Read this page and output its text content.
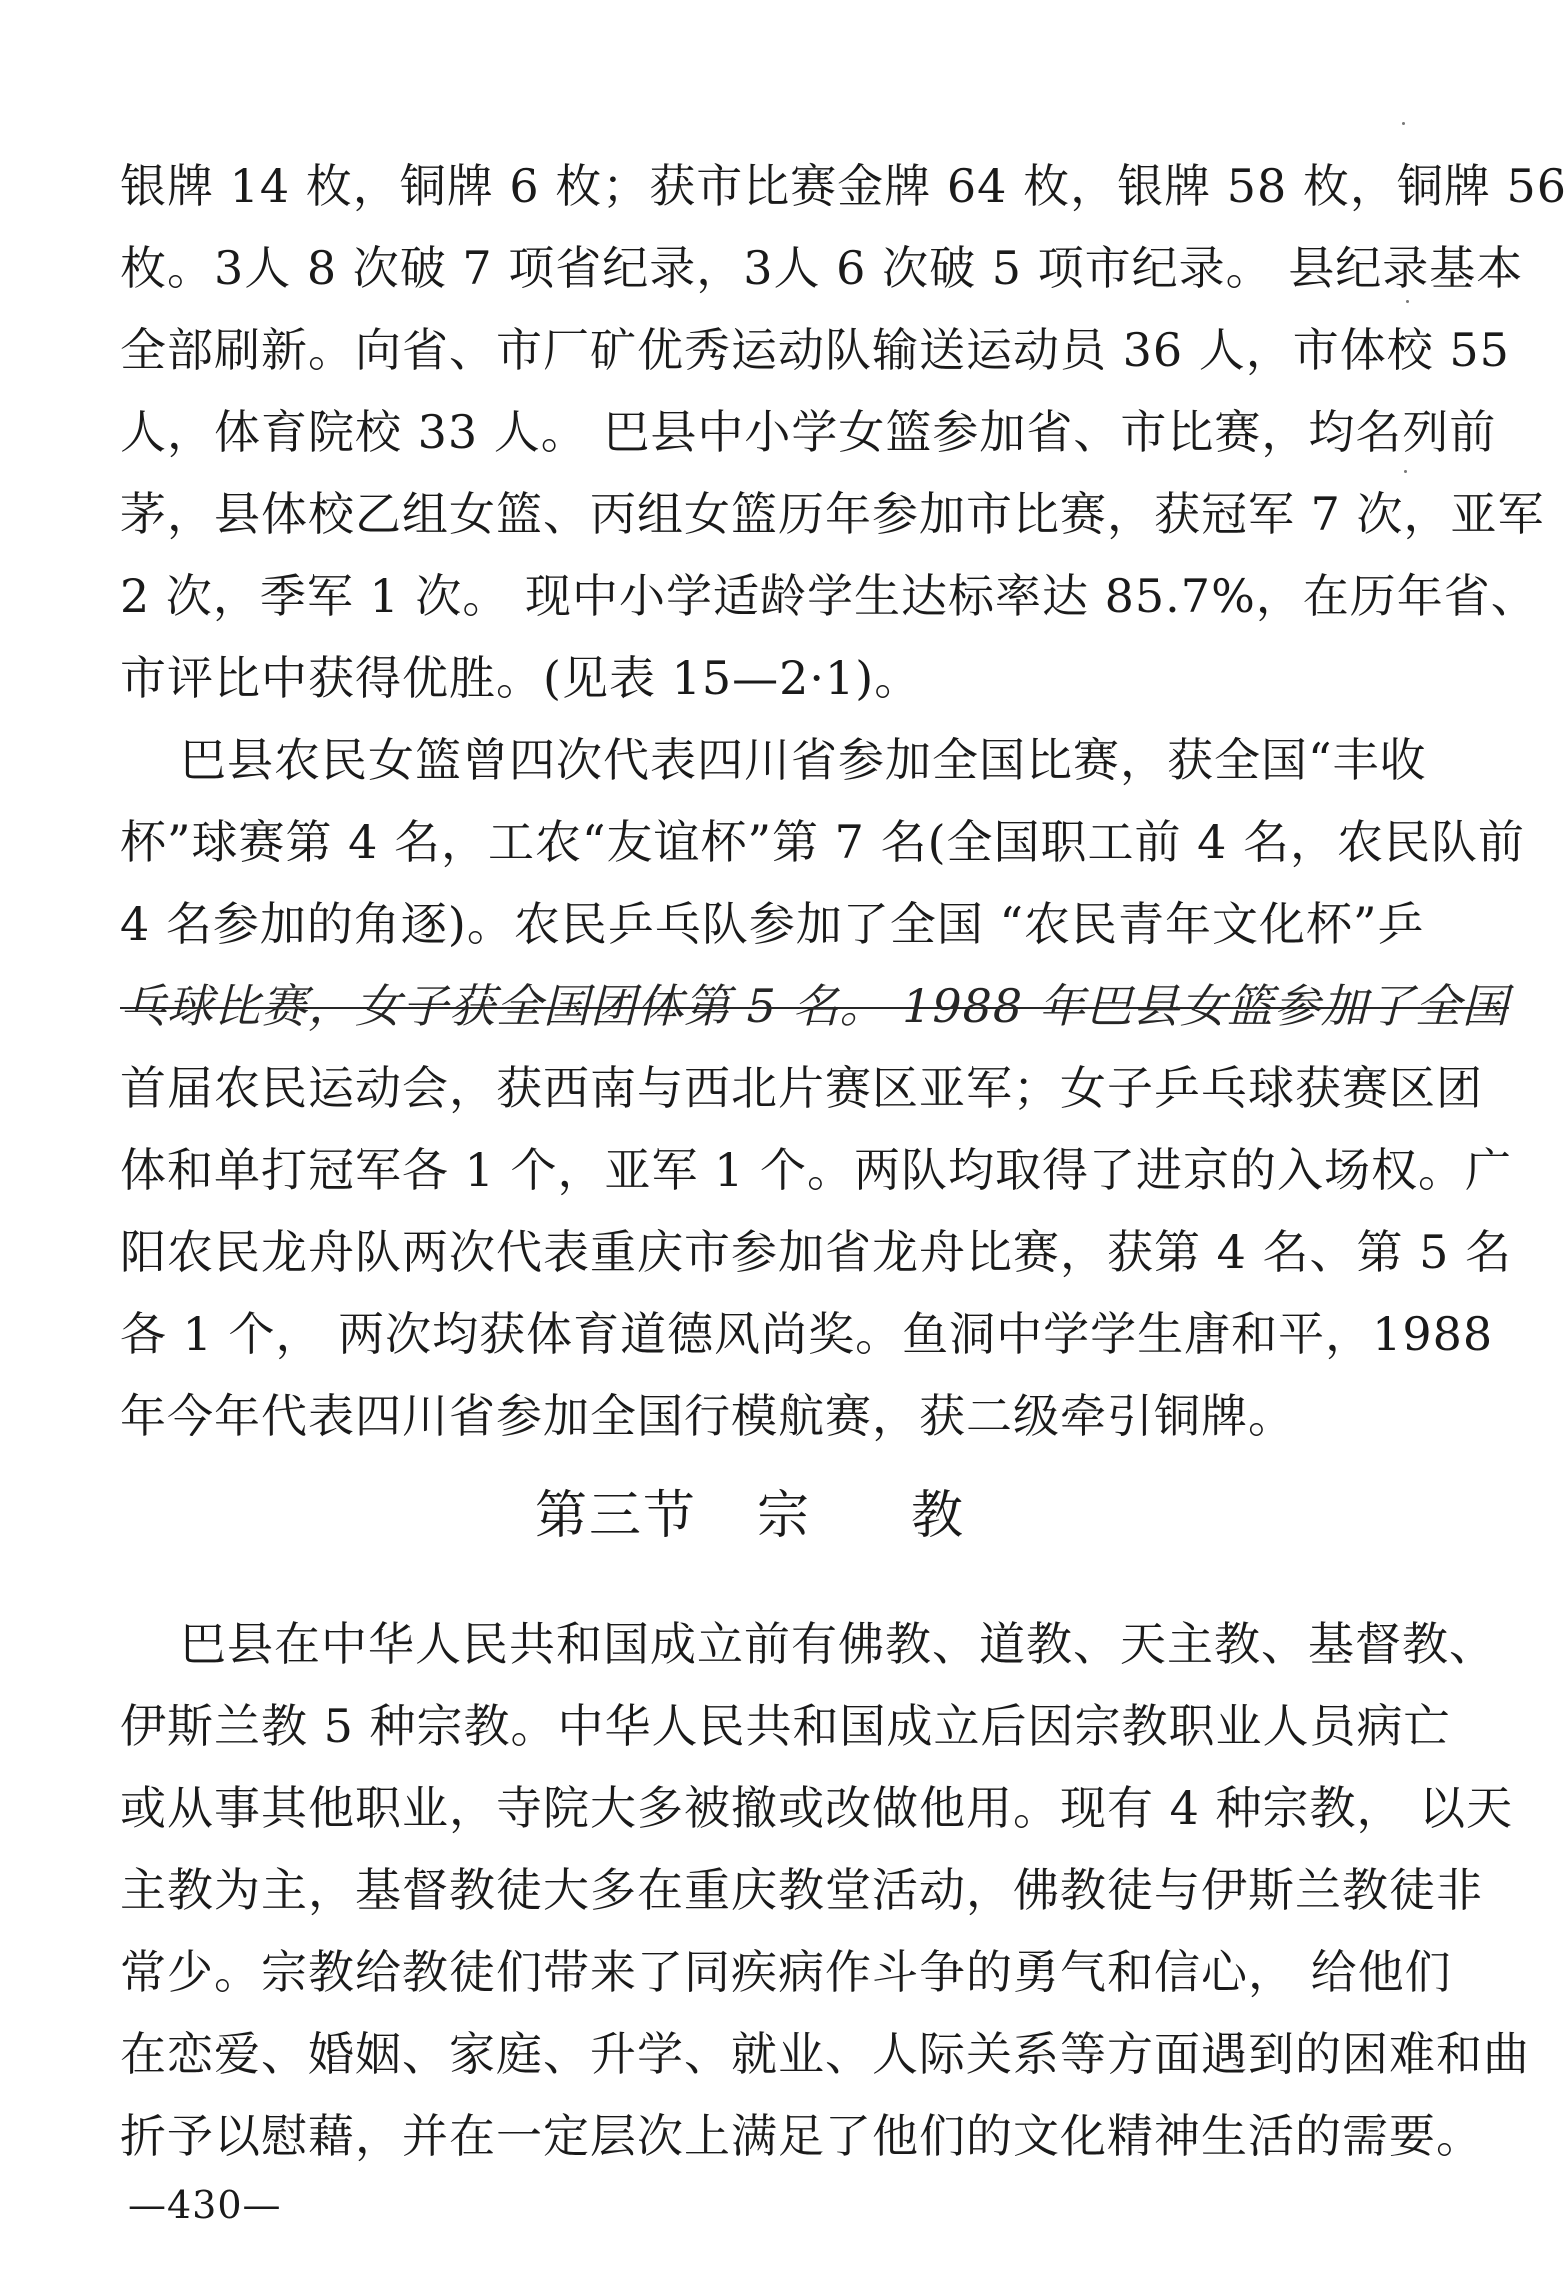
银牌 14 枚，铜牌 6 枚；获市比赛金牌 64 枚，银牌 58 枚，铜牌 56
枚。3人 8 次破 7 项省纪录，3人 6 次破 5 项市纪录。 县纪录基本
全部刷新。向省、市厂矿优秀运动队输送运动员 36 人，市体校 55
人，体育院校 33 人。 巴县中小学女篮参加省、市比赛，均名列前
茅，县体校乙组女篮、丙组女篮历年参加市比赛，获冠军 7 次，亚军
2 次，季军 1 次。 现中小学适龄学生达标率达 85.7%，在历年省、
市评比中获得优胜。(见表 15—2·1)。
巴县农民女篮曾四次代表四川省参加全国比赛，获全国“丰收
杯”球赛第 4 名，工农“友谊杯”第 7 名(全国职工前 4 名，农民队前
4 名参加的角逐)。农民乒乓队参加了全国 “农民青年文化杯”乒
乓球比赛，女子获全国团体第 5 名。 1988 年巴县女篮参加了全国
首届农民运动会，获西南与西北片赛区亚军；女子乒乓球获赛区团
体和单打冠军各 1 个，亚军 1 个。两队均取得了进京的入场权。广
阳农民龙舟队两次代表重庆市参加省龙舟比赛，获第 4 名、第 5 名
各 1 个， 两次均获体育道德风尚奖。鱼洞中学学生唐和平，1988
年今年代表四川省参加全国行模航赛，获二级牵引铜牌。
第三节 宗 教
巴县在中华人民共和国成立前有佛教、道教、天主教、基督教、
伊斯兰教 5 种宗教。中华人民共和国成立后因宗教职业人员病亡
或从事其他职业，寺院大多被撤或改做他用。现有 4 种宗教， 以天
主教为主，基督教徒大多在重庆教堂活动，佛教徒与伊斯兰教徒非
常少。宗教给教徒们带来了同疾病作斗争的勇气和信心， 给他们
在恋爱、婚姻、家庭、升学、就业、人际关系等方面遇到的困难和曲
折予以慰藉，并在一定层次上满足了他们的文化精神生活的需要。
—430—
